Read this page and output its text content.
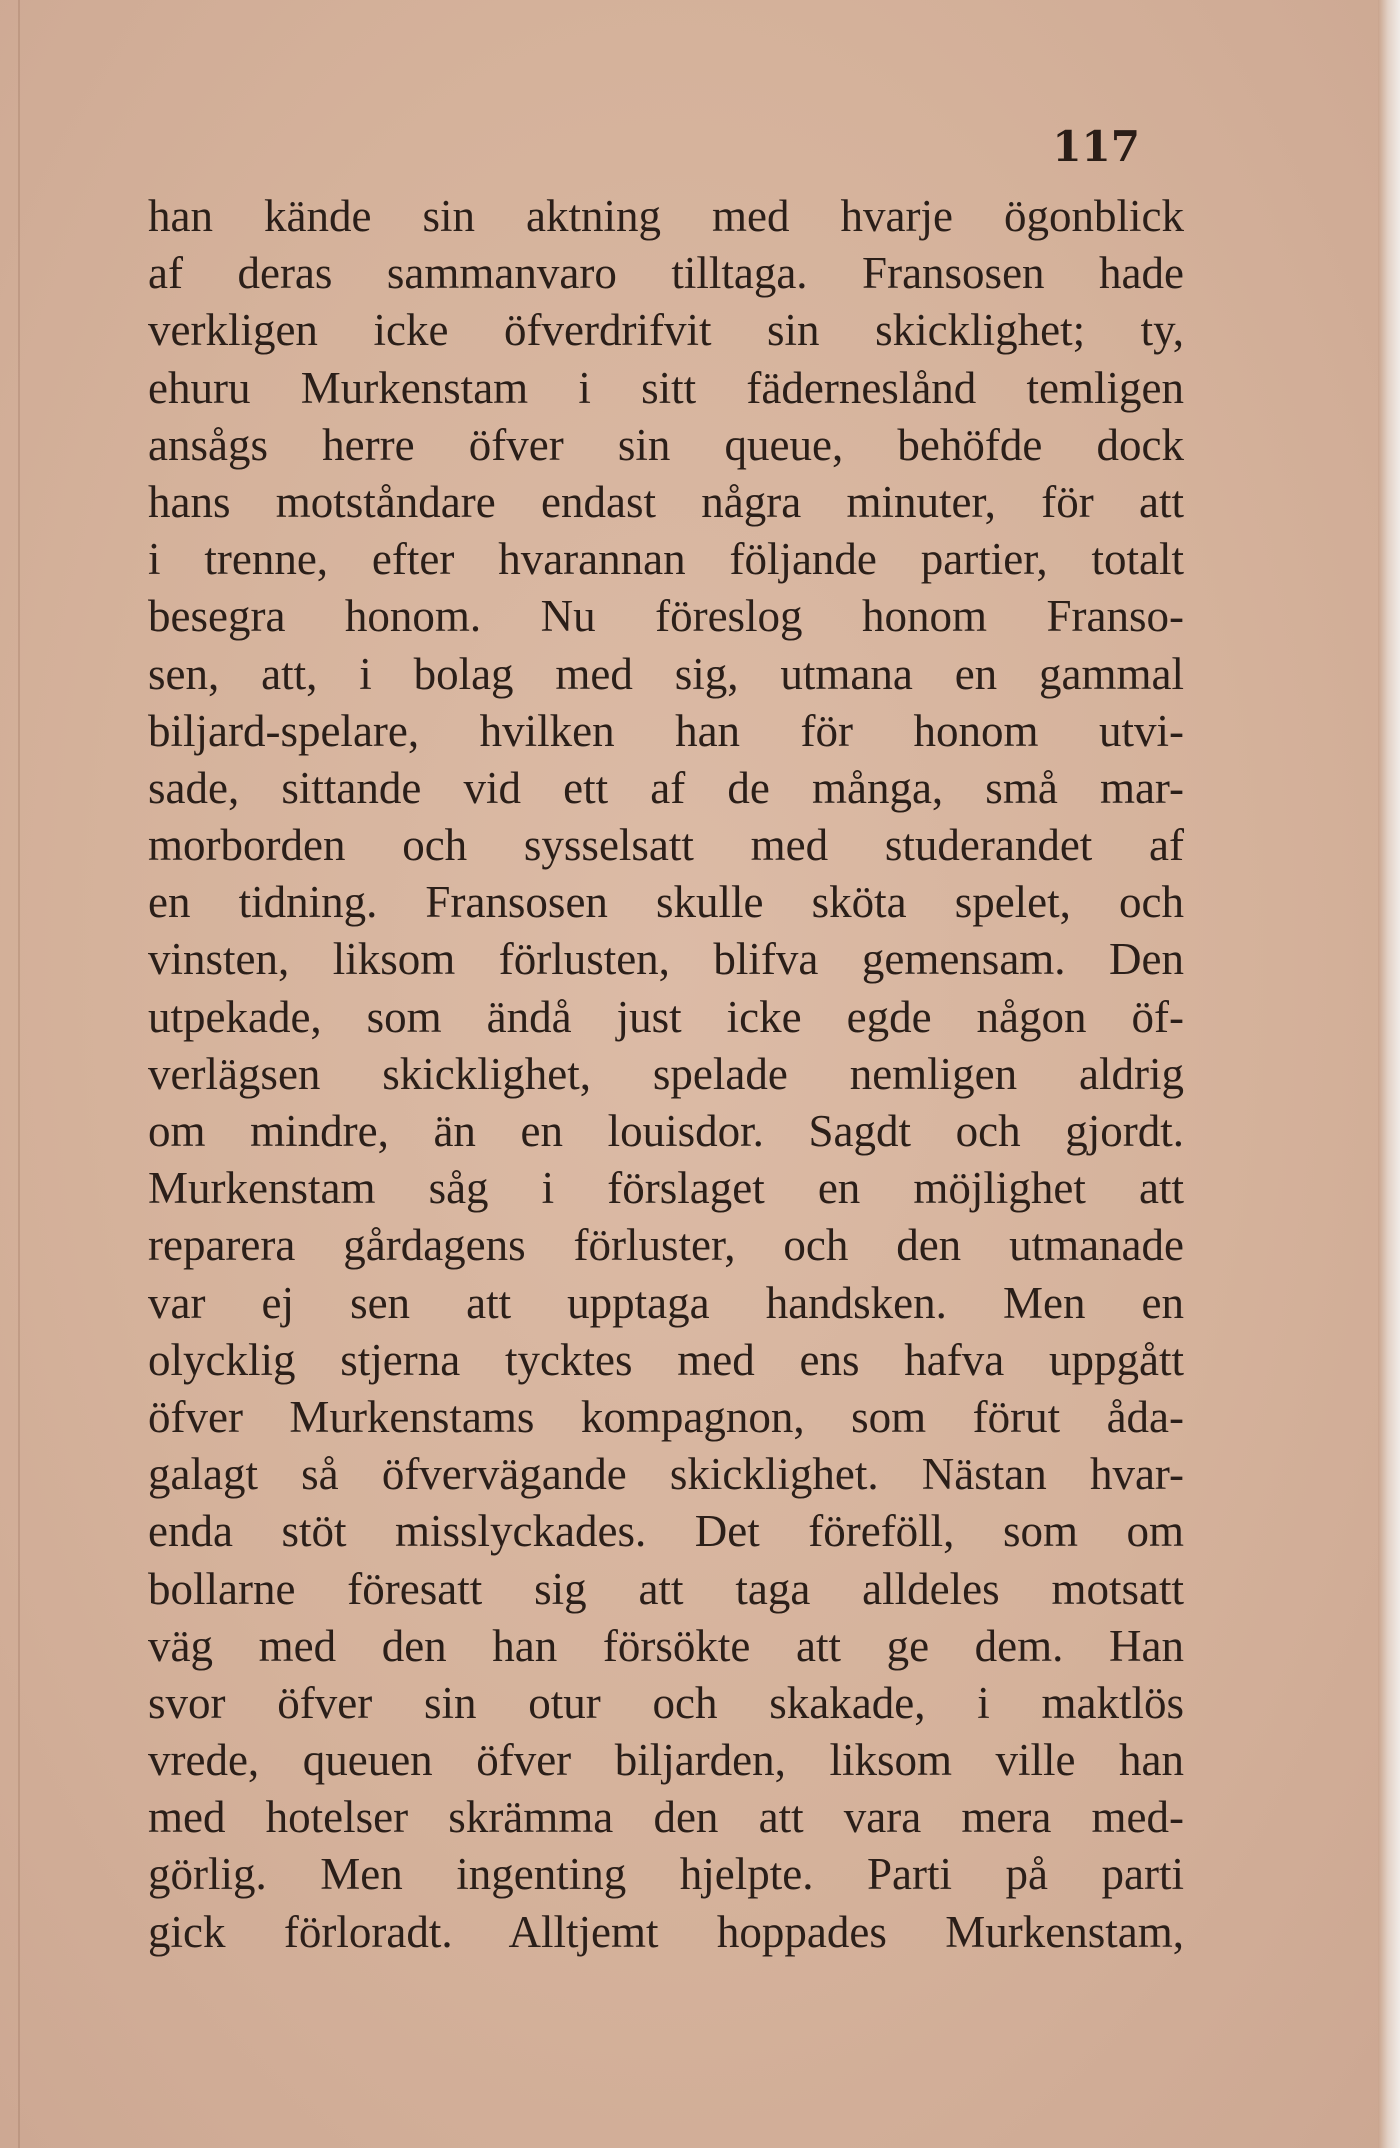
117

han kände sin aktning med hvarje ögonblick
af deras sammanvaro tilltaga. Fransosen hade
verkligen icke öfverdrifvit sin skicklighet; ty,
ehuru Murkenstam i sitt fäderneslånd temligen
ansågs herre öfver sin queue, behöfde dock
hans motståndare endast några minuter, för att
i trenne, efter hvarannan följande partier, totalt
besegra honom. Nu föreslog honom Franso-
sen, att, i bolag med sig, utmana en gammal
biljard-spelare, hvilken han för honom utvi-
sade, sittande vid ett af de många, små mar-
morborden och sysselsatt med studerandet af
en tidning. Fransosen skulle sköta spelet, och
vinsten, liksom förlusten, blifva gemensam. Den
utpekade, som ändå just icke egde någon öf-
verlägsen skicklighet, spelade nemligen aldrig
om mindre, än en louisdor. Sagdt och gjordt.
Murkenstam såg i förslaget en möjlighet att
reparera gårdagens förluster, och den utmanade
var ej sen att upptaga handsken. Men en
olycklig stjerna tycktes med ens hafva uppgått
öfver Murkenstams kompagnon, som förut åda-
galagt så öfvervägande skicklighet. Nästan hvar-
enda stöt misslyckades. Det föreföll, som om
bollarne föresatt sig att taga alldeles motsatt
väg med den han försökte att ge dem. Han
svor öfver sin otur och skakade, i maktlös
vrede, queuen öfver biljarden, liksom ville han
med hotelser skrämma den att vara mera med-
görlig. Men ingenting hjelpte. Parti på parti
gick förloradt. Alltjemt hoppades Murkenstam,
